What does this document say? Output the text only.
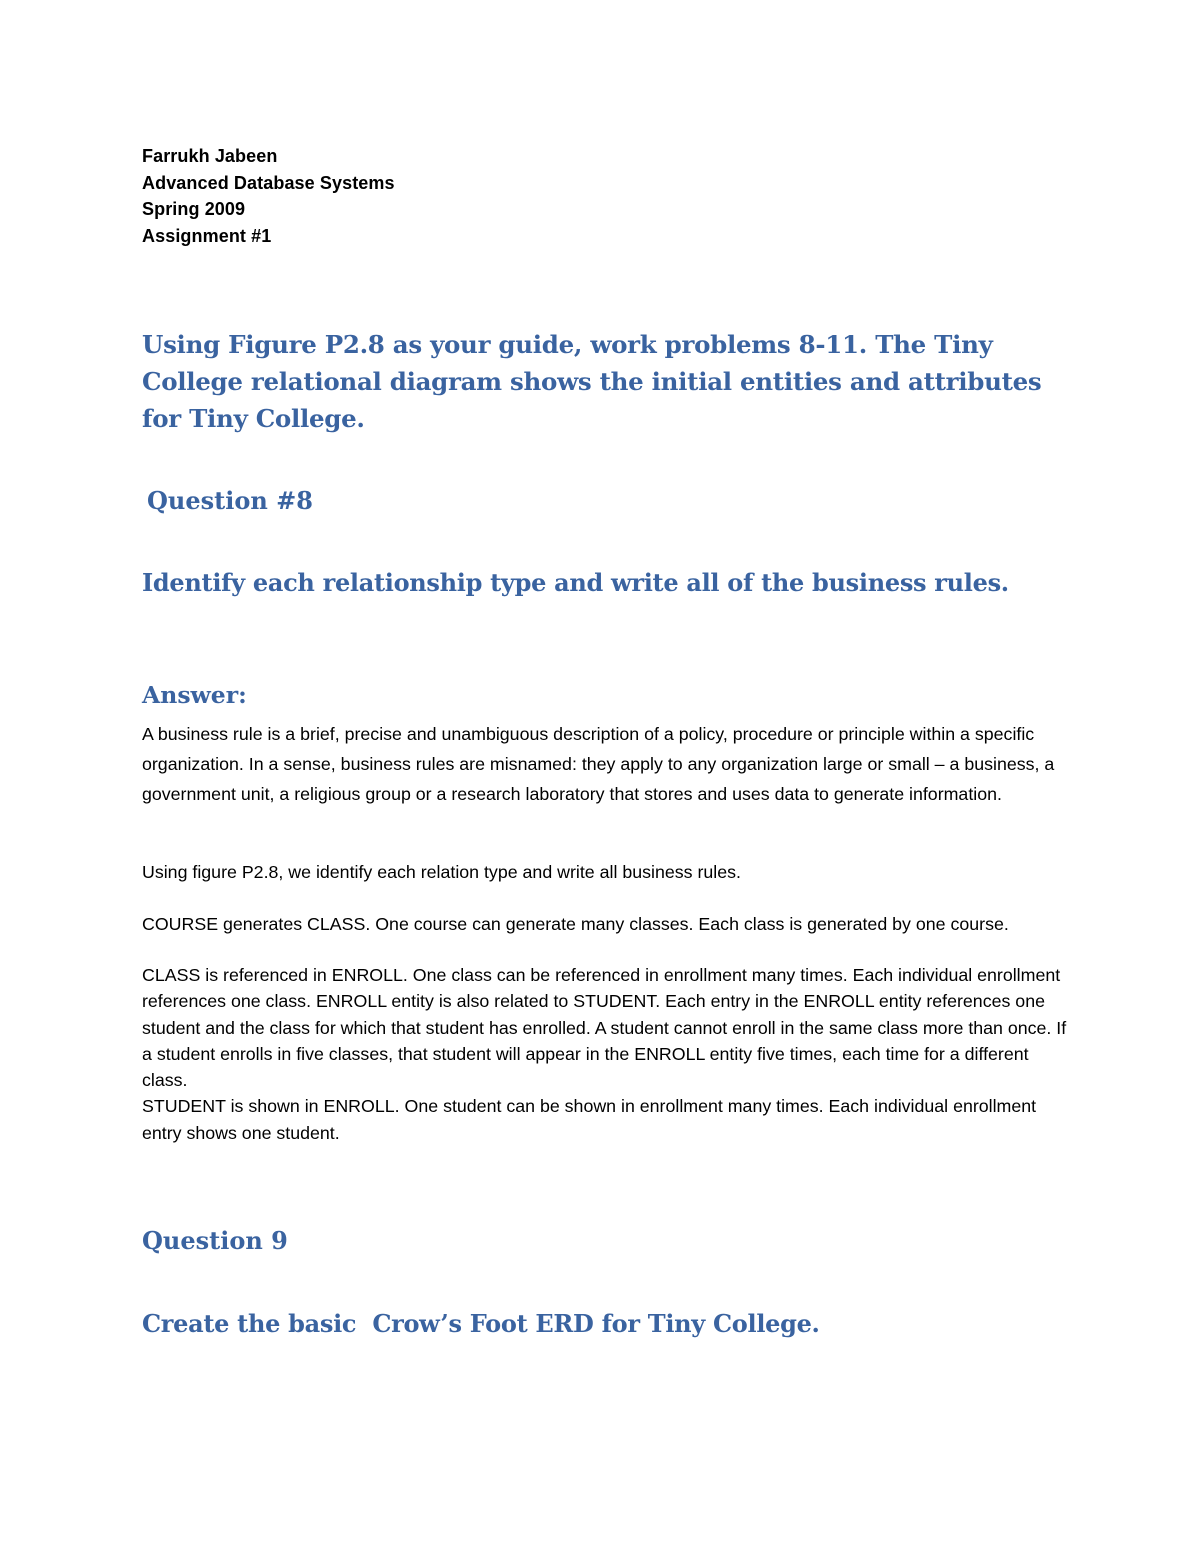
Farrukh Jabeen
Advanced Database Systems
Spring 2009
Assignment #1
Using Figure P2.8 as your guide, work problems 8-11. The Tiny College relational diagram shows the initial entities and attributes for Tiny College.
Question #8
Identify each relationship type and write all of the business rules.
Answer:
A business rule is a brief, precise and unambiguous description of a policy, procedure or principle within a specific organization. In a sense, business rules are misnamed: they apply to any organization large or small – a business, a government unit, a religious group or a research laboratory that stores and uses data to generate information.
Using figure P2.8, we identify each relation type and write all business rules.
COURSE generates CLASS. One course can generate many classes. Each class is generated by one course.
CLASS is referenced in ENROLL. One class can be referenced in enrollment many times. Each individual enrollment references one class. ENROLL entity is also related to STUDENT. Each entry in the ENROLL entity references one student and the class for which that student has enrolled. A student cannot enroll in the same class more than once. If a student enrolls in five classes, that student will appear in the ENROLL entity five times, each time for a different class.
STUDENT is shown in ENROLL. One student can be shown in enrollment many times. Each individual enrollment entry shows one student.
Question 9
Create the basic  Crow’s Foot ERD for Tiny College.
